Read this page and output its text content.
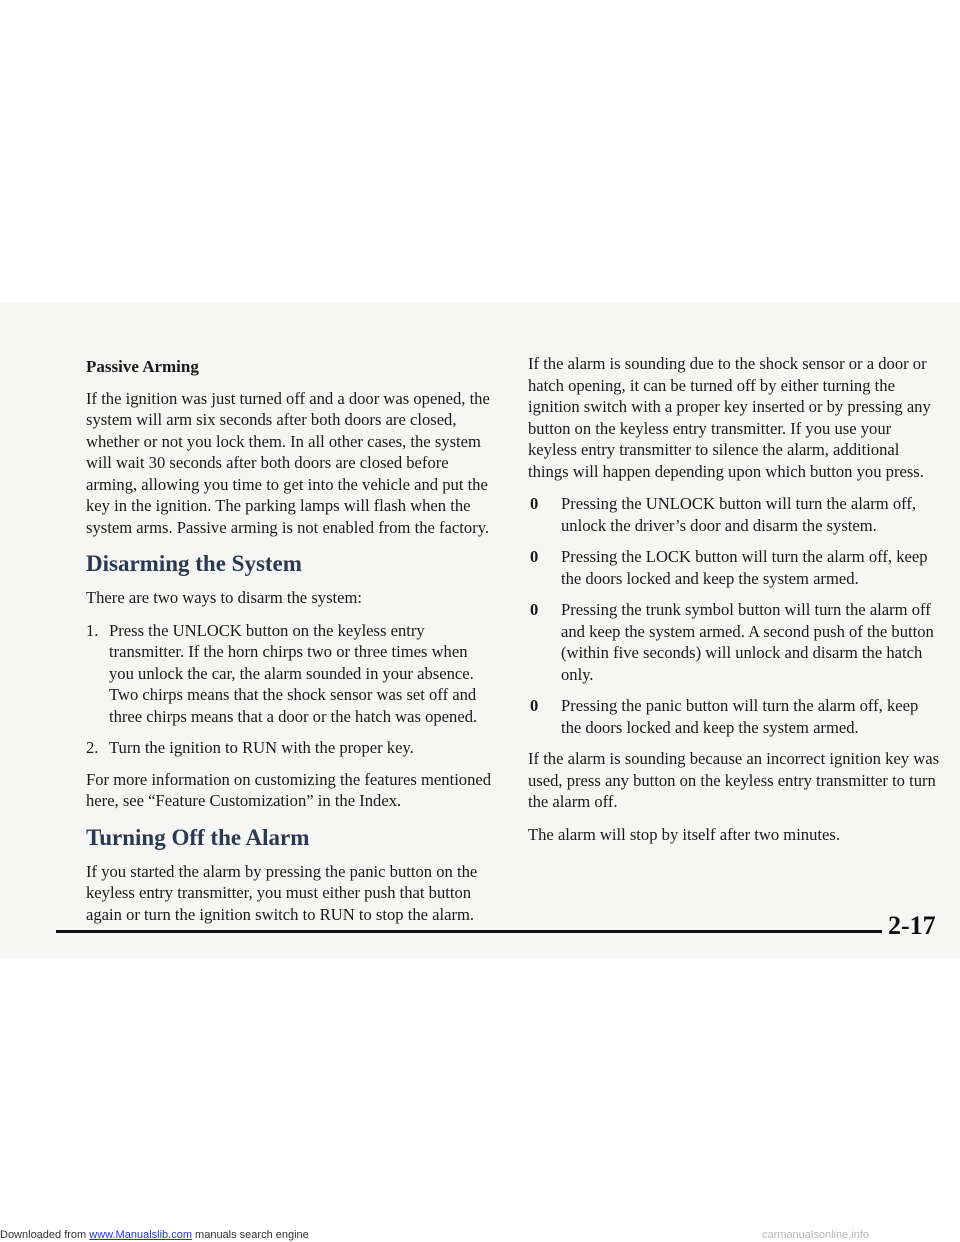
Passive Arming

If the ignition was just turned off and a door was opened, the system will arm six seconds after both doors are closed, whether or not you lock them. In all other cases, the system will wait 30 seconds after both doors are closed before arming, allowing you time to get into the vehicle and put the key in the ignition. The parking lamps will flash when the system arms. Passive arming is not enabled from the factory.

Disarming the System

There are two ways to disarm the system:

1. Press the UNLOCK button on the keyless entry transmitter. If the horn chirps two or three times when you unlock the car, the alarm sounded in your absence. Two chirps means that the shock sensor was set off and three chirps means that a door or the hatch was opened.
2. Turn the ignition to RUN with the proper key.

For more information on customizing the features mentioned here, see “Feature Customization” in the Index.

Turning Off the Alarm

If you started the alarm by pressing the panic button on the keyless entry transmitter, you must either push that button again or turn the ignition switch to RUN to stop the alarm.

If the alarm is sounding due to the shock sensor or a door or hatch opening, it can be turned off by either turning the ignition switch with a proper key inserted or by pressing any button on the keyless entry transmitter. If you use your keyless entry transmitter to silence the alarm, additional things will happen depending upon which button you press.

0	Pressing the UNLOCK button will turn the alarm off, unlock the driver’s door and disarm the system.
0	Pressing the LOCK button will turn the alarm off, keep the doors locked and keep the system armed.
0	Pressing the trunk symbol button will turn the alarm off and keep the system armed. A second push of the button (within five seconds) will unlock and disarm the hatch only.
0	Pressing the panic button will turn the alarm off, keep the doors locked and keep the system armed.

If the alarm is sounding because an incorrect ignition key was used, press any button on the keyless entry transmitter to turn the alarm off.

The alarm will stop by itself after two minutes.

2-17
Downloaded from www.Manualslib.com manuals search engine	carmanualsonline.info
